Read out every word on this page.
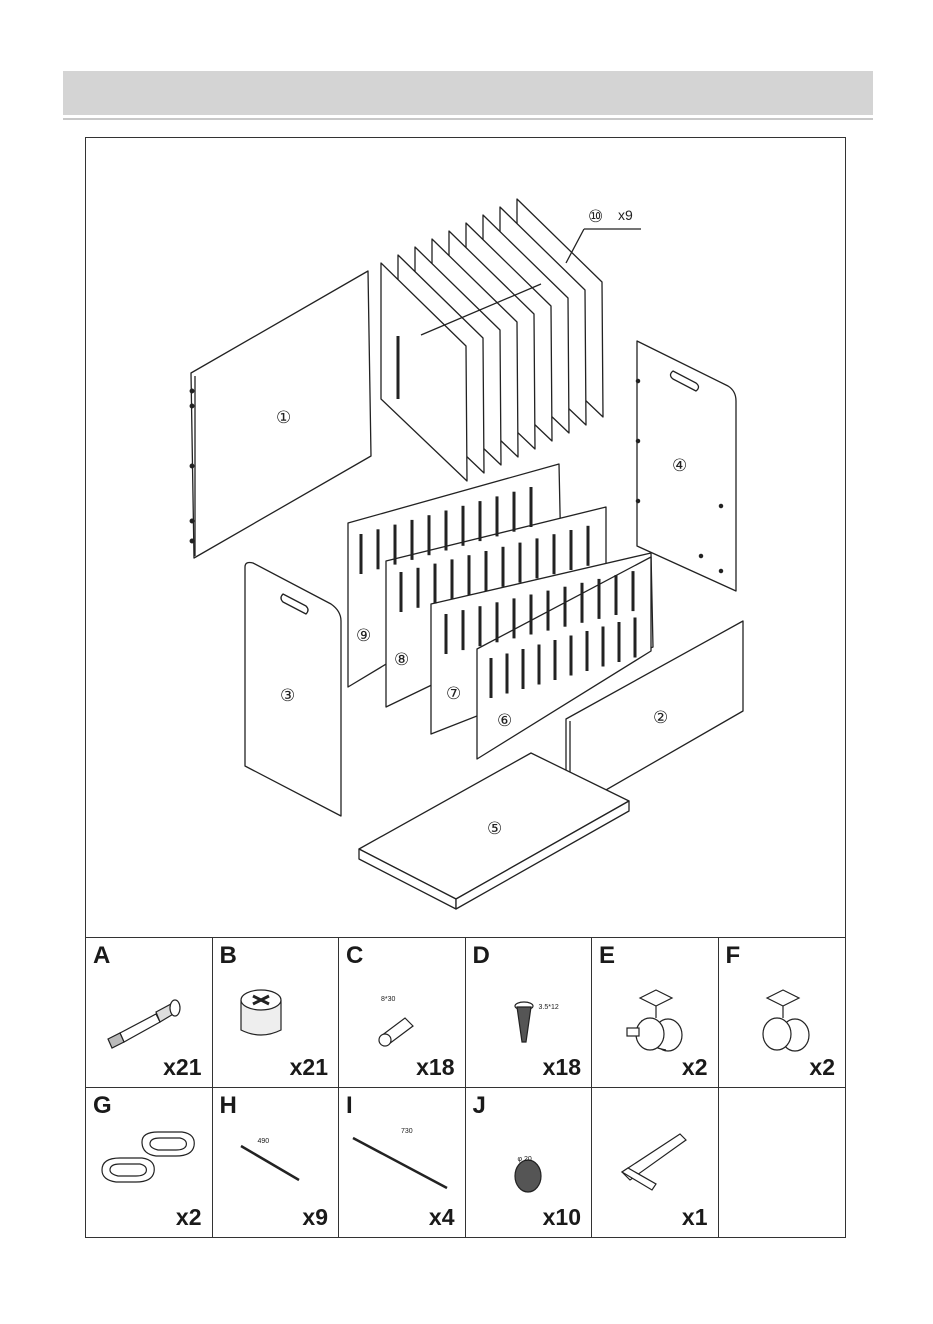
①
②
③
④
⑤
⑥
⑦
⑧
⑨
⑩ x9
A
x21
B
x21
8*30
C
x18
3.5*12
D
x18
E
x2
F
x2
G
x2
490
H
x9
730
I
x4
φ 20
J
x10	x1
